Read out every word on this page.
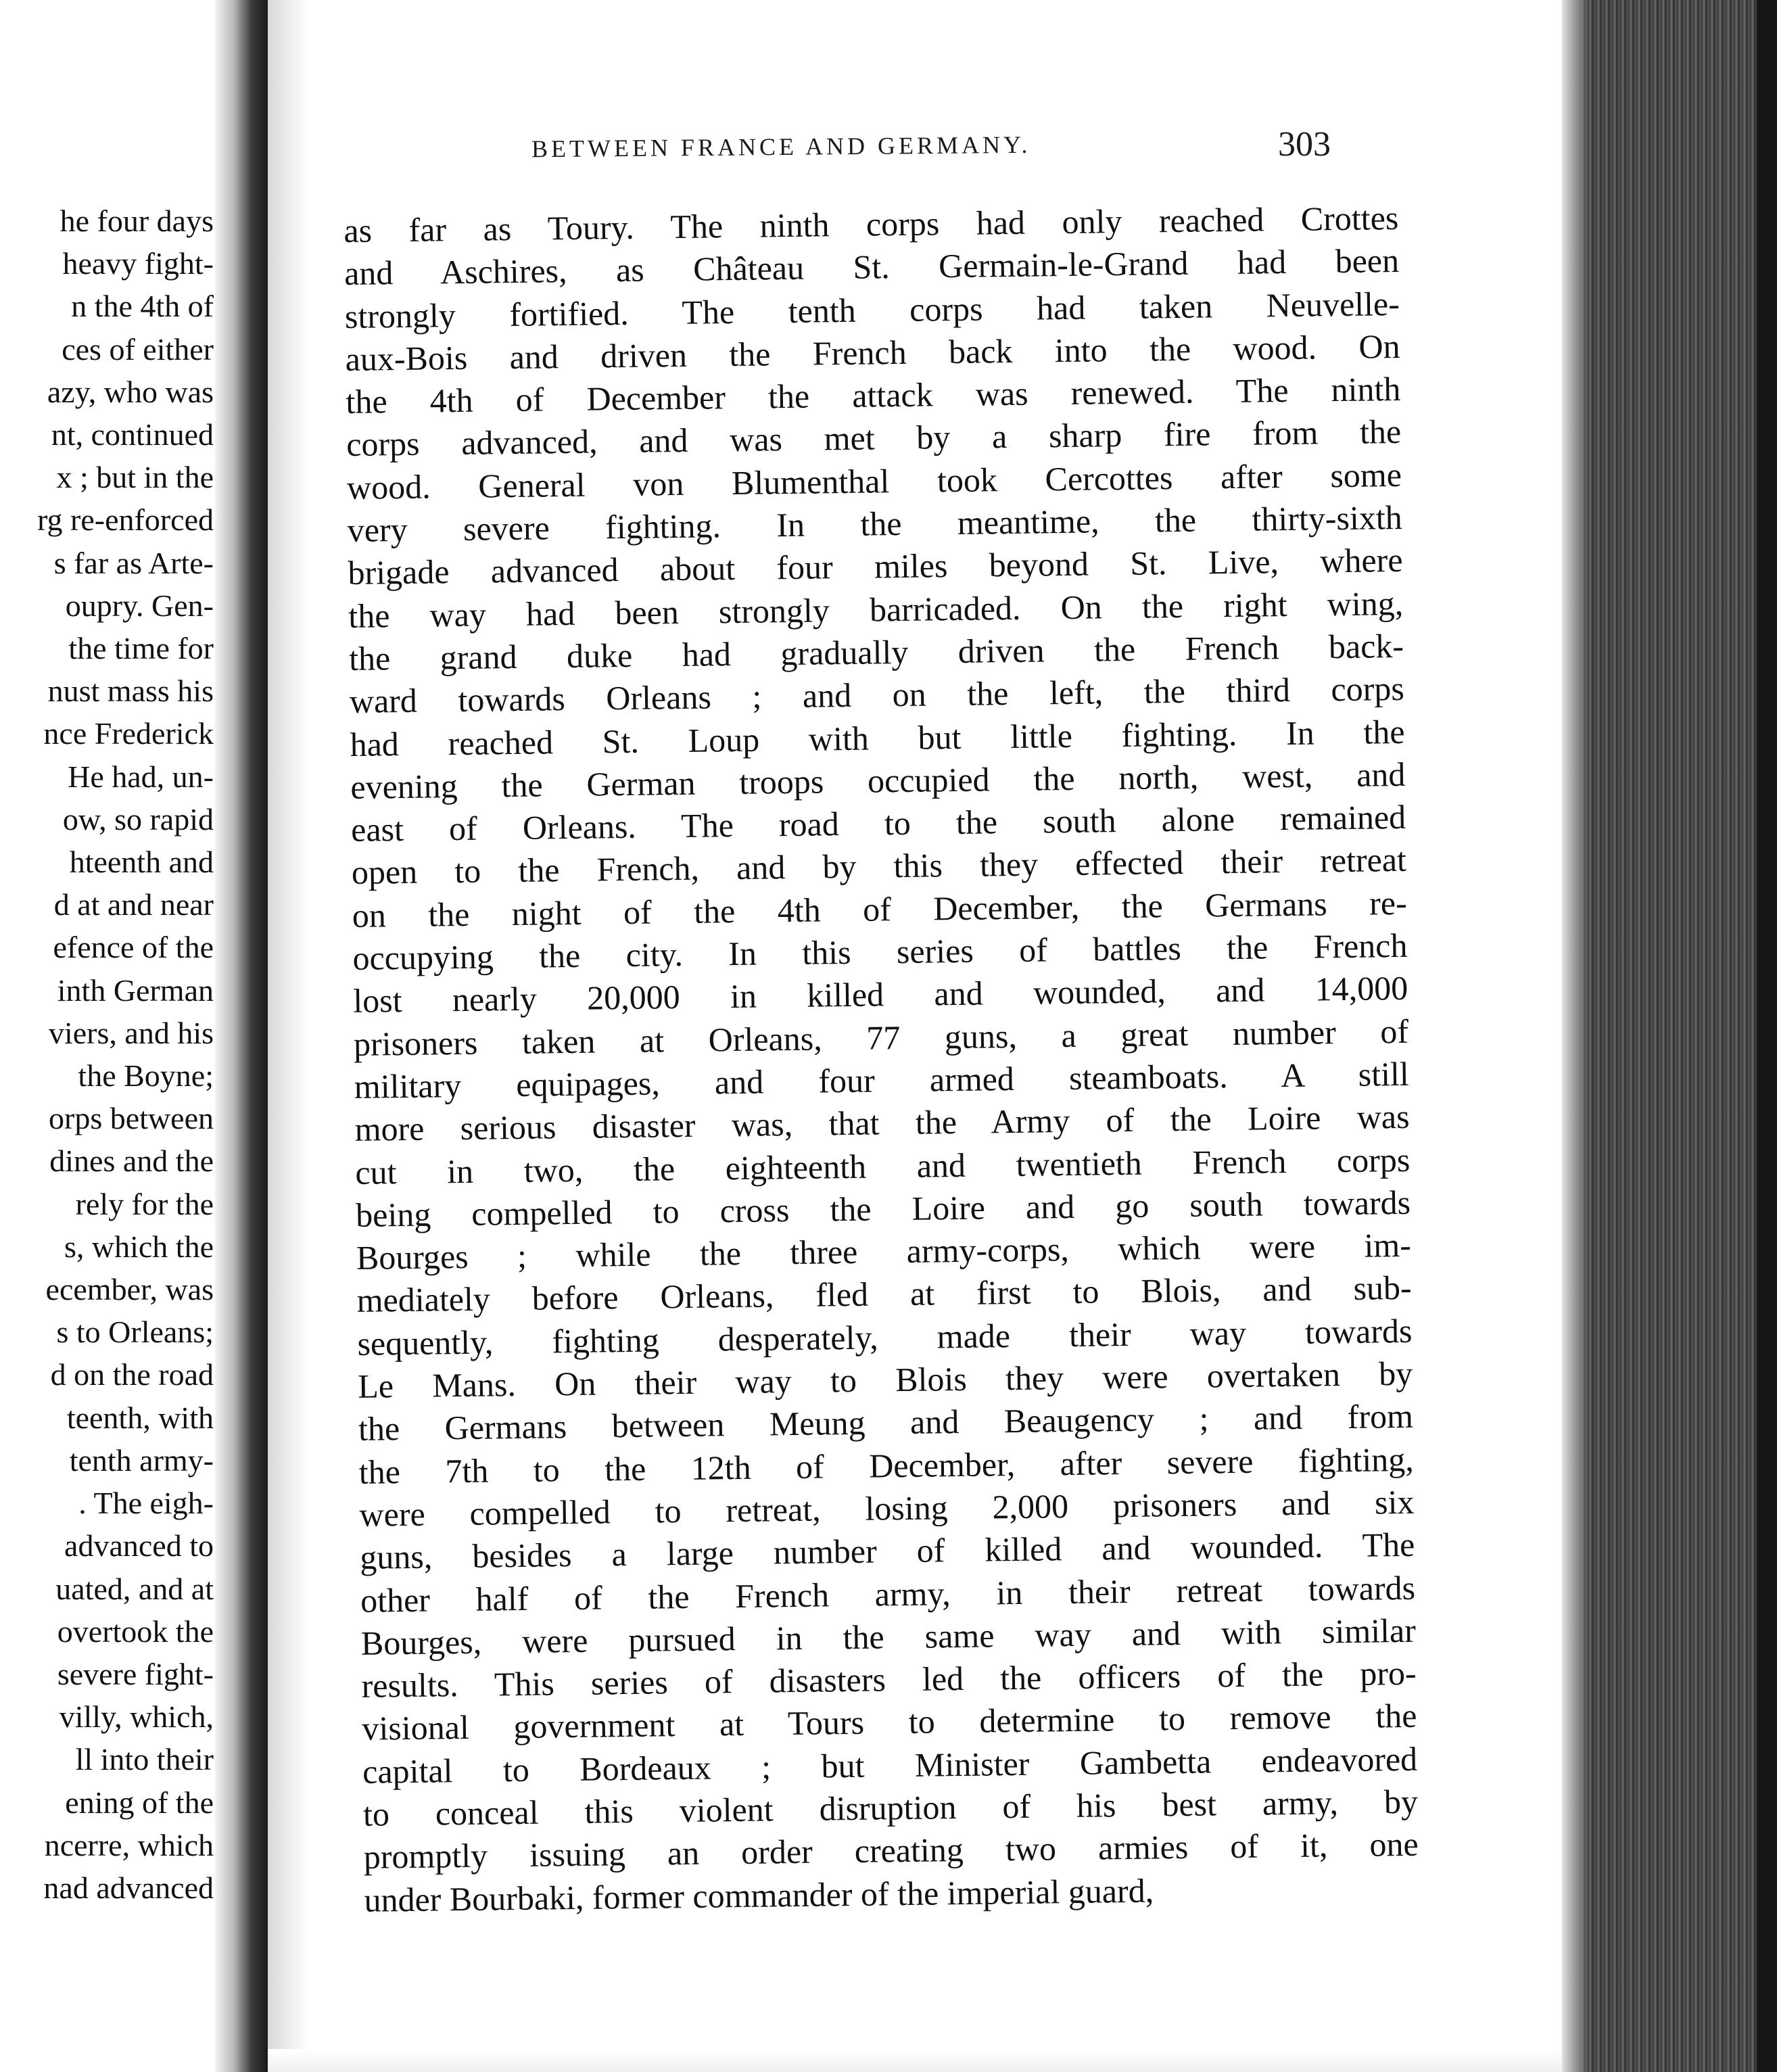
he four days
heavy fight-
n the 4th of
ces of either
azy, who was
nt, continued
x ; but in the
rg re-enforced
s far as Arte-
oupry. Gen-
the time for
nust mass his
nce Frederick
He had, un-
ow, so rapid
hteenth and
d at and near
efence of the
inth German
viers, and his
the Boyne;
orps between
dines and the
rely for the
s, which the
ecember, was
s to Orleans;
d on the road
teenth, with
tenth army-
. The eigh-
advanced to
uated, and at
overtook the
severe fight-
villy, which,
ll into their
ening of the
ncerre, which
nad advanced
BETWEEN FRANCE AND GERMANY.	303
as far as Toury. The ninth corps had only reached Crottes
and Aschires, as Château St. Germain-le-Grand had been
strongly fortified. The tenth corps had taken Neuvelle-
aux-Bois and driven the French back into the wood. On
the 4th of December the attack was renewed. The ninth
corps advanced, and was met by a sharp fire from the
wood. General von Blumenthal took Cercottes after some
very severe fighting. In the meantime, the thirty-sixth
brigade advanced about four miles beyond St. Live, where
the way had been strongly barricaded. On the right wing,
the grand duke had gradually driven the French back-
ward towards Orleans ; and on the left, the third corps
had reached St. Loup with but little fighting. In the
evening the German troops occupied the north, west, and
east of Orleans. The road to the south alone remained
open to the French, and by this they effected their retreat
on the night of the 4th of December, the Germans re-
occupying the city. In this series of battles the French
lost nearly 20,000 in killed and wounded, and 14,000
prisoners taken at Orleans, 77 guns, a great number of
military equipages, and four armed steamboats. A still
more serious disaster was, that the Army of the Loire was
cut in two, the eighteenth and twentieth French corps
being compelled to cross the Loire and go south towards
Bourges ; while the three army-corps, which were im-
mediately before Orleans, fled at first to Blois, and sub-
sequently, fighting desperately, made their way towards
Le Mans. On their way to Blois they were overtaken by
the Germans between Meung and Beaugency ; and from
the 7th to the 12th of December, after severe fighting,
were compelled to retreat, losing 2,000 prisoners and six
guns, besides a large number of killed and wounded. The
other half of the French army, in their retreat towards
Bourges, were pursued in the same way and with similar
results. This series of disasters led the officers of the pro-
visional government at Tours to determine to remove the
capital to Bordeaux ; but Minister Gambetta endeavored
to conceal this violent disruption of his best army, by
promptly issuing an order creating two armies of it, one
under Bourbaki, former commander of the imperial guard,
